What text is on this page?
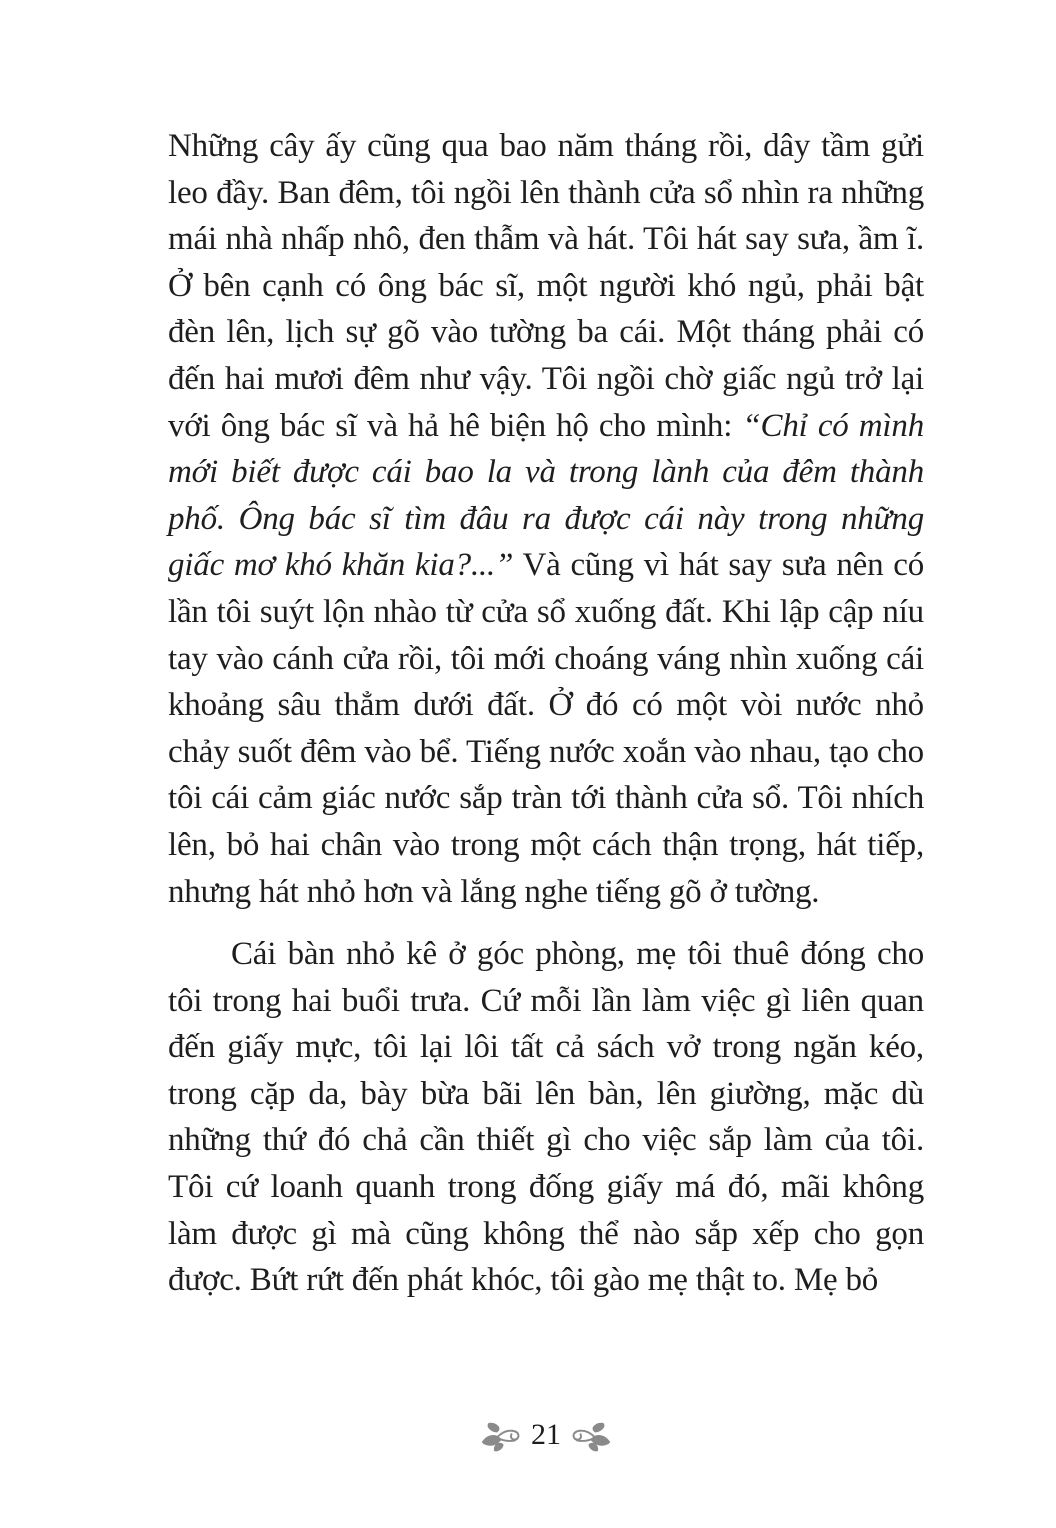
Những cây ấy cũng qua bao năm tháng rồi, dây tầm gửi leo đầy. Ban đêm, tôi ngồi lên thành cửa sổ nhìn ra những mái nhà nhấp nhô, đen thẫm và hát. Tôi hát say sưa, ầm ĩ. Ở bên cạnh có ông bác sĩ, một người khó ngủ, phải bật đèn lên, lịch sự gõ vào tường ba cái. Một tháng phải có đến hai mươi đêm như vậy. Tôi ngồi chờ giấc ngủ trở lại với ông bác sĩ và hả hê biện hộ cho mình: “Chỉ có mình mới biết được cái bao la và trong lành của đêm thành phố. Ông bác sĩ tìm đâu ra được cái này trong những giấc mơ khó khăn kia?...” Và cũng vì hát say sưa nên có lần tôi suýt lộn nhào từ cửa sổ xuống đất. Khi lập cập níu tay vào cánh cửa rồi, tôi mới choáng váng nhìn xuống cái khoảng sâu thẳm dưới đất. Ở đó có một vòi nước nhỏ chảy suốt đêm vào bể. Tiếng nước xoắn vào nhau, tạo cho tôi cái cảm giác nước sắp tràn tới thành cửa sổ. Tôi nhích lên, bỏ hai chân vào trong một cách thận trọng, hát tiếp, nhưng hát nhỏ hơn và lắng nghe tiếng gõ ở tường.

Cái bàn nhỏ kê ở góc phòng, mẹ tôi thuê đóng cho tôi trong hai buổi trưa. Cứ mỗi lần làm việc gì liên quan đến giấy mực, tôi lại lôi tất cả sách vở trong ngăn kéo, trong cặp da, bày bừa bãi lên bàn, lên giường, mặc dù những thứ đó chả cần thiết gì cho việc sắp làm của tôi. Tôi cứ loanh quanh trong đống giấy má đó, mãi không làm được gì mà cũng không thể nào sắp xếp cho gọn được. Bứt rứt đến phát khóc, tôi gào mẹ thật to. Mẹ bỏ

21
